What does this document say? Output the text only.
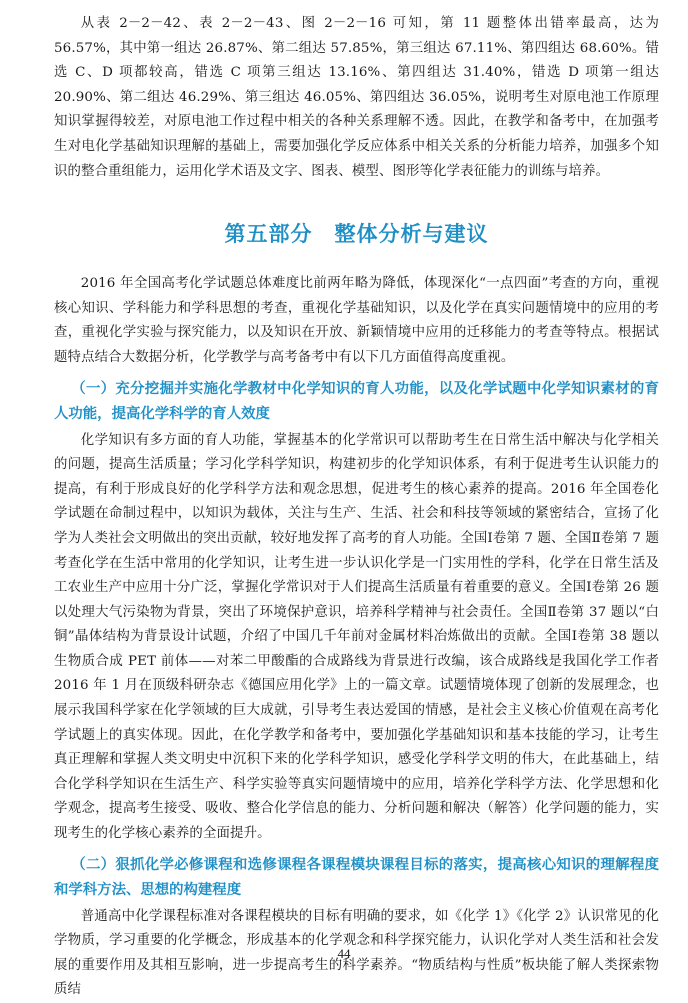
从表 2－2－42、表 2－2－43、图 2－2－16 可知，第 11 题整体出错率最高，达为 56.57%，其中第一组达 26.87%、第二组达 57.85%，第三组达 67.11%、第四组达 68.60%。错选 C、D 项都较高，错选 C 项第三组达 13.16%、第四组达 31.40%，错选 D 项第一组达 20.90%、第二组达 46.29%、第三组达 46.05%、第四组达 36.05%，说明考生对原电池工作原理知识掌握得较差，对原电池工作过程中相关的各种关系理解不透。因此，在教学和备考中，在加强考生对电化学基础知识理解的基础上，需要加强化学反应体系中相关关系的分析能力培养，加强多个知识的整合重组能力，运用化学术语及文字、图表、模型、图形等化学表征能力的训练与培养。

第五部分　整体分析与建议

2016 年全国高考化学试题总体难度比前两年略为降低，体现深化“一点四面”考查的方向，重视核心知识、学科能力和学科思想的考查，重视化学基础知识，以及化学在真实问题情境中的应用的考查，重视化学实验与探究能力，以及知识在开放、新颖情境中应用的迁移能力的考查等特点。根据试题特点结合大数据分析，化学教学与高考备考中有以下几方面值得高度重视。

（一）充分挖掘并实施化学教材中化学知识的育人功能，以及化学试题中化学知识素材的育人功能，提高化学科学的育人效度

化学知识有多方面的育人功能，掌握基本的化学常识可以帮助考生在日常生活中解决与化学相关的问题，提高生活质量；学习化学科学知识，构建初步的化学知识体系，有利于促进考生认识能力的提高，有利于形成良好的化学科学方法和观念思想，促进考生的核心素养的提高。2016 年全国卷化学试题在命制过程中，以知识为载体，关注与生产、生活、社会和科技等领域的紧密结合，宣扬了化学为人类社会文明做出的突出贡献，较好地发挥了高考的育人功能。全国Ⅰ卷第 7 题、全国Ⅱ卷第 7 题考查化学在生活中常用的化学知识，让考生进一步认识化学是一门实用性的学科，化学在日常生活及工农业生产中应用十分广泛，掌握化学常识对于人们提高生活质量有着重要的意义。全国Ⅰ卷第 26 题以处理大气污染物为背景，突出了环境保护意识，培养科学精神与社会责任。全国Ⅱ卷第 37 题以“白铜”晶体结构为背景设计试题，介绍了中国几千年前对金属材料冶炼做出的贡献。全国Ⅰ卷第 38 题以生物质合成 PET 前体——对苯二甲酸酯的合成路线为背景进行改编，该合成路线是我国化学工作者 2016 年 1 月在顶级科研杂志《德国应用化学》上的一篇文章。试题情境体现了创新的发展理念，也展示我国科学家在化学领域的巨大成就，引导考生表达爱国的情感，是社会主义核心价值观在高考化学试题上的真实体现。因此，在化学教学和备考中，要加强化学基础知识和基本技能的学习，让考生真正理解和掌握人类文明史中沉积下来的化学科学知识，感受化学科学文明的伟大，在此基础上，结合化学科学知识在生活生产、科学实验等真实问题情境中的应用，培养化学科学方法、化学思想和化学观念，提高考生接受、吸收、整合化学信息的能力、分析问题和解决（解答）化学问题的能力，实现考生的化学核心素养的全面提升。

（二）狠抓化学必修课程和选修课程各课程模块课程目标的落实，提高核心知识的理解程度和学科方法、思想的构建程度

普通高中化学课程标准对各课程模块的目标有明确的要求，如《化学 1》《化学 2》认识常见的化学物质，学习重要的化学概念，形成基本的化学观念和科学探究能力，认识化学对人类生活和社会发展的重要作用及其相互影响，进一步提高考生的科学素养。“物质结构与性质”板块能了解人类探索物质结

44
